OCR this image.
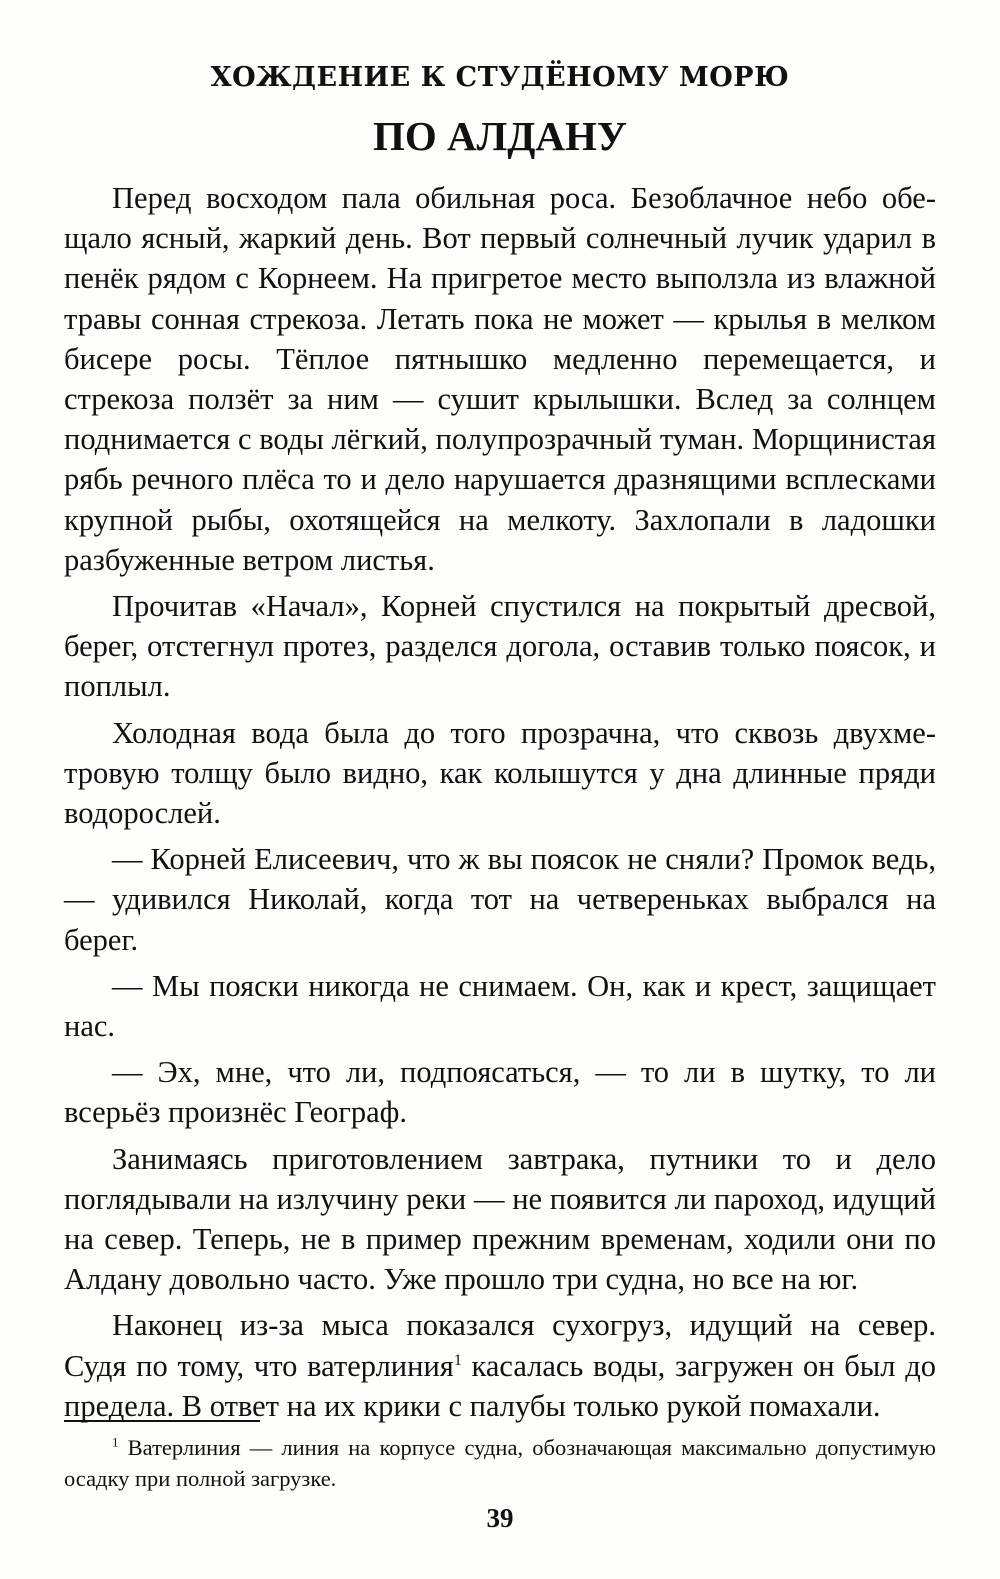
ХОЖДЕНИЕ К СТУДЁНОМУ МОРЮ
ПО АЛДАНУ

Перед восходом пала обильная роса. Безоблачное небо обещало ясный, жаркий день. Вот первый солнечный лучик ударил в пенёк рядом с Корнеем. На пригретое место выползла из влажной травы сонная стрекоза. Летать пока не может — крылья в мелком бисере росы. Тёплое пятнышко медленно перемещается, и стрекоза ползёт за ним — сушит крылышки. Вслед за солнцем поднимается с воды лёгкий, полупрозрачный туман. Морщинистая рябь речного плёса то и дело нарушается дразнящими всплесками крупной рыбы, охотящейся на мелкоту. Захлопали в ладошки разбуженные ветром листья.

Прочитав «Начал», Корней спустился на покрытый дресвой, берег, отстегнул протез, разделся догола, оставив только поясок, и поплыл.

Холодная вода была до того прозрачна, что сквозь двухметровую толщу было видно, как колышутся у дна длинные пряди водорослей.

— Корней Елисеевич, что ж вы поясок не сняли? Промок ведь, — удивился Николай, когда тот на четвереньках выбрался на берег.

— Мы пояски никогда не снимаем. Он, как и крест, защищает нас.

— Эх, мне, что ли, подпоясаться, — то ли в шутку, то ли всерьёз произнёс Географ.

Занимаясь приготовлением завтрака, путники то и дело поглядывали на излучину реки — не появится ли пароход, идущий на север. Теперь, не в пример прежним временам, ходили они по Алдану довольно часто. Уже прошло три судна, но все на юг.

Наконец из-за мыса показался сухогруз, идущий на север. Судя по тому, что ватерлиния$^1$ касалась воды, загружен он был до предела. В ответ на их крики с палубы только рукой помахали.

$^1$ Ватерлиния — линия на корпусе судна, обозначающая максимально допустимую осадку при полной загрузке.

39
